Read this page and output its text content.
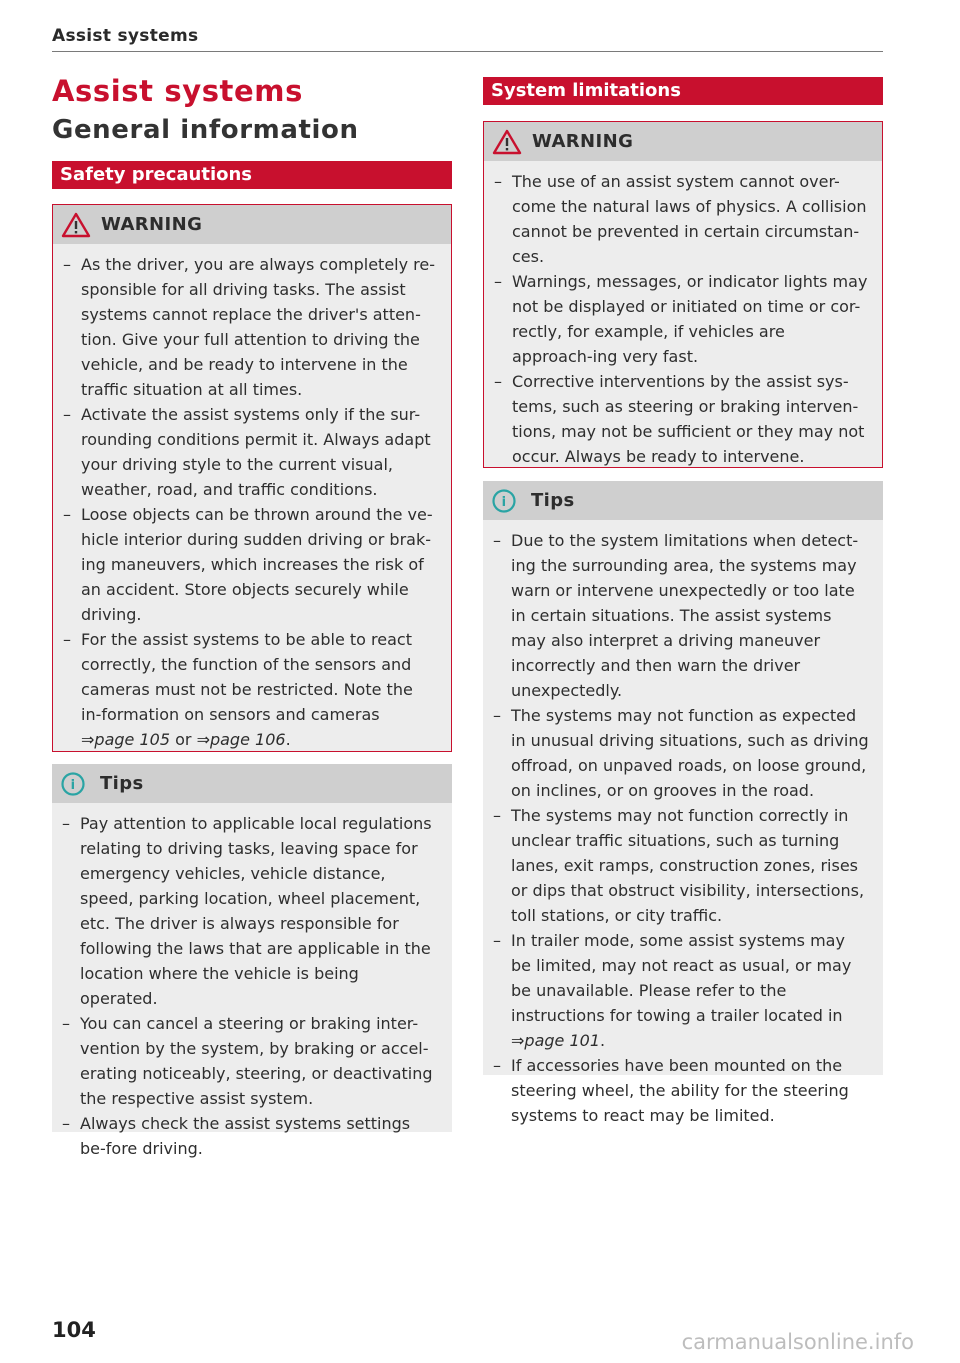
Assist systems
Assist systems
General information
Safety precautions
WARNING
– As the driver, you are always completely re-sponsible for all driving tasks. The assist systems cannot replace the driver's atten-tion. Give your full attention to driving the vehicle, and be ready to intervene in the traffic situation at all times.
– Activate the assist systems only if the sur-rounding conditions permit it. Always adapt your driving style to the current visual, weather, road, and traffic conditions.
– Loose objects can be thrown around the ve-hicle interior during sudden driving or brak-ing maneuvers, which increases the risk of an accident. Store objects securely while driving.
– For the assist systems to be able to react correctly, the function of the sensors and cameras must not be restricted. Note the in-formation on sensors and cameras ⇒page 105 or ⇒page 106.
i Tips
– Pay attention to applicable local regulations relating to driving tasks, leaving space for emergency vehicles, vehicle distance, speed, parking location, wheel placement, etc. The driver is always responsible for following the laws that are applicable in the location where the vehicle is being operated.
– You can cancel a steering or braking inter-vention by the system, by braking or accel-erating noticeably, steering, or deactivating the respective assist system.
– Always check the assist systems settings be-fore driving.
System limitations
WARNING
– The use of an assist system cannot over-come the natural laws of physics. A collision cannot be prevented in certain circumstan-ces.
– Warnings, messages, or indicator lights may not be displayed or initiated on time or cor-rectly, for example, if vehicles are approach-ing very fast.
– Corrective interventions by the assist sys-tems, such as steering or braking interven-tions, may not be sufficient or they may not occur. Always be ready to intervene.
i Tips
– Due to the system limitations when detect-ing the surrounding area, the systems may warn or intervene unexpectedly or too late in certain situations. The assist systems may also interpret a driving maneuver incorrectly and then warn the driver unexpectedly.
– The systems may not function as expected in unusual driving situations, such as driving offroad, on unpaved roads, on loose ground, on inclines, or on grooves in the road.
– The systems may not function correctly in unclear traffic situations, such as turning lanes, exit ramps, construction zones, rises or dips that obstruct visibility, intersections, toll stations, or city traffic.
– In trailer mode, some assist systems may be limited, may not react as usual, or may be unavailable. Please refer to the instructions for towing a trailer located in ⇒page 101.
– If accessories have been mounted on the steering wheel, the ability for the steering systems to react may be limited.
104	carmanualsonline.info
